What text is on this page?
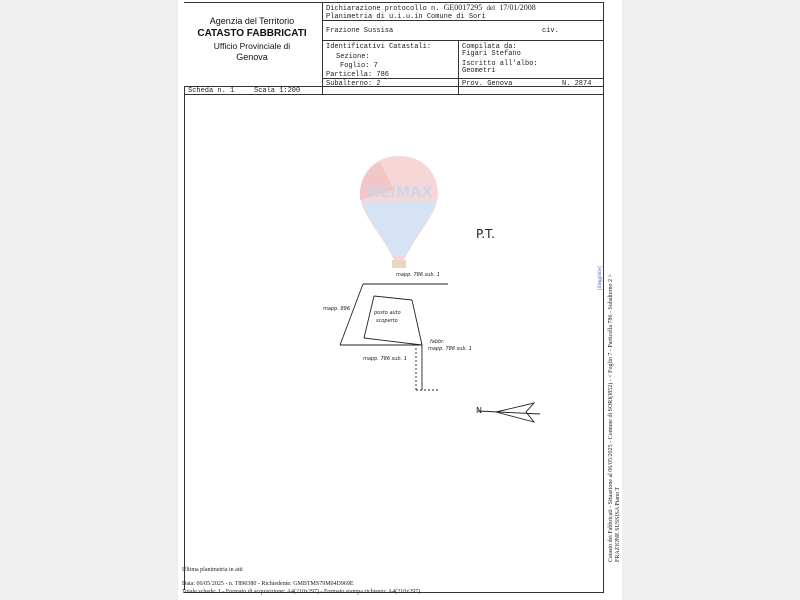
Agenzia del Territorio
CATASTO FABBRICATI
Ufficio Provinciale di
Genova
Dichiarazione protocollo n. GE0017295 del 17/01/2008
Planimetria di u.i.u.in Comune di Sori
Frazione Sussisa	civ.
Identificativi Catastali:
Sezione:
Foglio: 7
Particella: 786
Subalterno: 2
Compilata da:
Figari Stefano
Iscritto all'albo:
Geometri
Prov. Genova	N. 2874
Scheda n. 1	Scala 1:200
RE/MAX
P.T.
mapp. 786 sub. 1
mapp. 896
posto auto
scoperto
fabbr.
mapp. 786 sub. 1
mapp. 786 sub. 1
N	Catasto dei Fabbricati - Situazione al 06/05/2025 - Comune di SORI(I852) - < Foglio 7 - Particella 786 - Subalterno 2 > FRAZIONE SUSSISA Piano T
[illeggibile]
Ultima planimetria in atti
Data: 06/05/2025 - n. T890380 - Richiedente: GMBTMS79M04D969E
Totale schede: 1 - Formato di acquisizione: A4(210x297) - Formato stampa richiesto: A4(210x297)
